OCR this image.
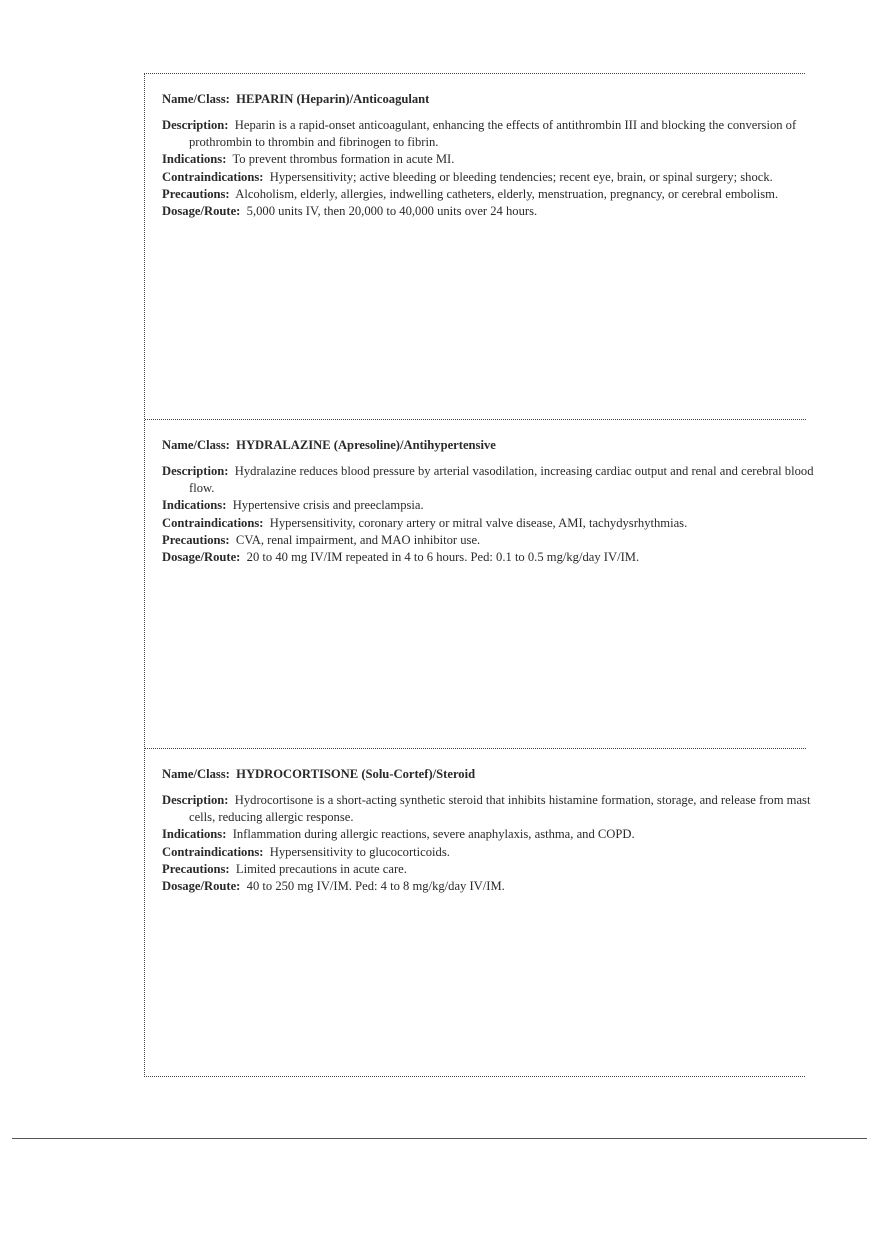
Name/Class: HEPARIN (Heparin)/Anticoagulant

Description: Heparin is a rapid-onset anticoagulant, enhancing the effects of antithrombin III and blocking the conversion of prothrombin to thrombin and fibrinogen to fibrin.

Indications: To prevent thrombus formation in acute MI.

Contraindications: Hypersensitivity; active bleeding or bleeding tendencies; recent eye, brain, or spinal surgery; shock.

Precautions: Alcoholism, elderly, allergies, indwelling catheters, elderly, menstruation, pregnancy, or cerebral embolism.

Dosage/Route: 5,000 units IV, then 20,000 to 40,000 units over 24 hours.

Name/Class: HYDRALAZINE (Apresoline)/Antihypertensive

Description: Hydralazine reduces blood pressure by arterial vasodilation, increasing cardiac output and renal and cerebral blood flow.

Indications: Hypertensive crisis and preeclampsia.

Contraindications: Hypersensitivity, coronary artery or mitral valve disease, AMI, tachydysrhythmias.

Precautions: CVA, renal impairment, and MAO inhibitor use.

Dosage/Route: 20 to 40 mg IV/IM repeated in 4 to 6 hours. Ped: 0.1 to 0.5 mg/kg/day IV/IM.

Name/Class: HYDROCORTISONE (Solu-Cortef)/Steroid

Description: Hydrocortisone is a short-acting synthetic steroid that inhibits histamine formation, storage, and release from mast cells, reducing allergic response.

Indications: Inflammation during allergic reactions, severe anaphylaxis, asthma, and COPD.

Contraindications: Hypersensitivity to glucocorticoids.

Precautions: Limited precautions in acute care.

Dosage/Route: 40 to 250 mg IV/IM. Ped: 4 to 8 mg/kg/day IV/IM.
